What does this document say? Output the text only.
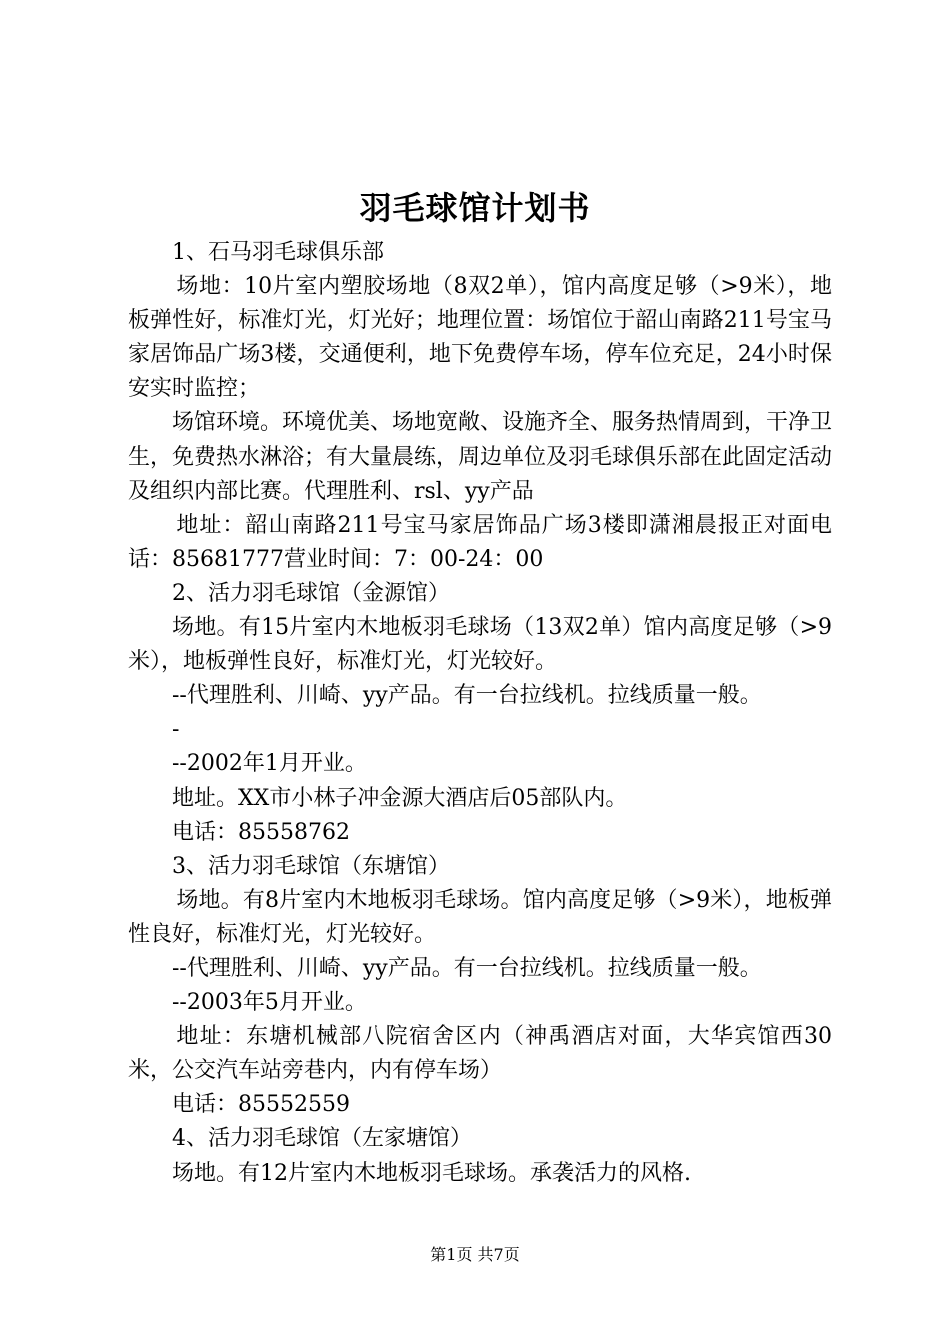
羽毛球馆计划书

1、石马羽毛球俱乐部

场地：10片室内塑胶场地（8双2单），馆内高度足够（>9米），地板弹性好，标准灯光，灯光好；地理位置：场馆位于韶山南路211号宝马家居饰品广场3楼，交通便利，地下免费停车场，停车位充足，24小时保安实时监控；

场馆环境。环境优美、场地宽敞、设施齐全、服务热情周到，干净卫生，免费热水淋浴；有大量晨练，周边单位及羽毛球俱乐部在此固定活动及组织内部比赛。代理胜利、rsl、yy产品

地址：韶山南路211号宝马家居饰品广场3楼即潇湘晨报正对面电话：85681777营业时间：7：00-24：00

2、活力羽毛球馆（金源馆）

场地。有15片室内木地板羽毛球场（13双2单）馆内高度足够（>9米），地板弹性良好，标准灯光，灯光较好。

--代理胜利、川崎、yy产品。有一台拉线机。拉线质量一般。

-

--2002年1月开业。

地址。XX市小林子冲金源大酒店后05部队内。

电话：85558762

3、活力羽毛球馆（东塘馆）

场地。有8片室内木地板羽毛球场。馆内高度足够（>9米），地板弹性良好，标准灯光，灯光较好。

--代理胜利、川崎、yy产品。有一台拉线机。拉线质量一般。

--2003年5月开业。

地址：东塘机械部八院宿舍区内（神禹酒店对面，大华宾馆西30米，公交汽车站旁巷内，内有停车场）

电话：85552559

4、活力羽毛球馆（左家塘馆）

场地。有12片室内木地板羽毛球场。承袭活力的风格.

第1页 共7页
